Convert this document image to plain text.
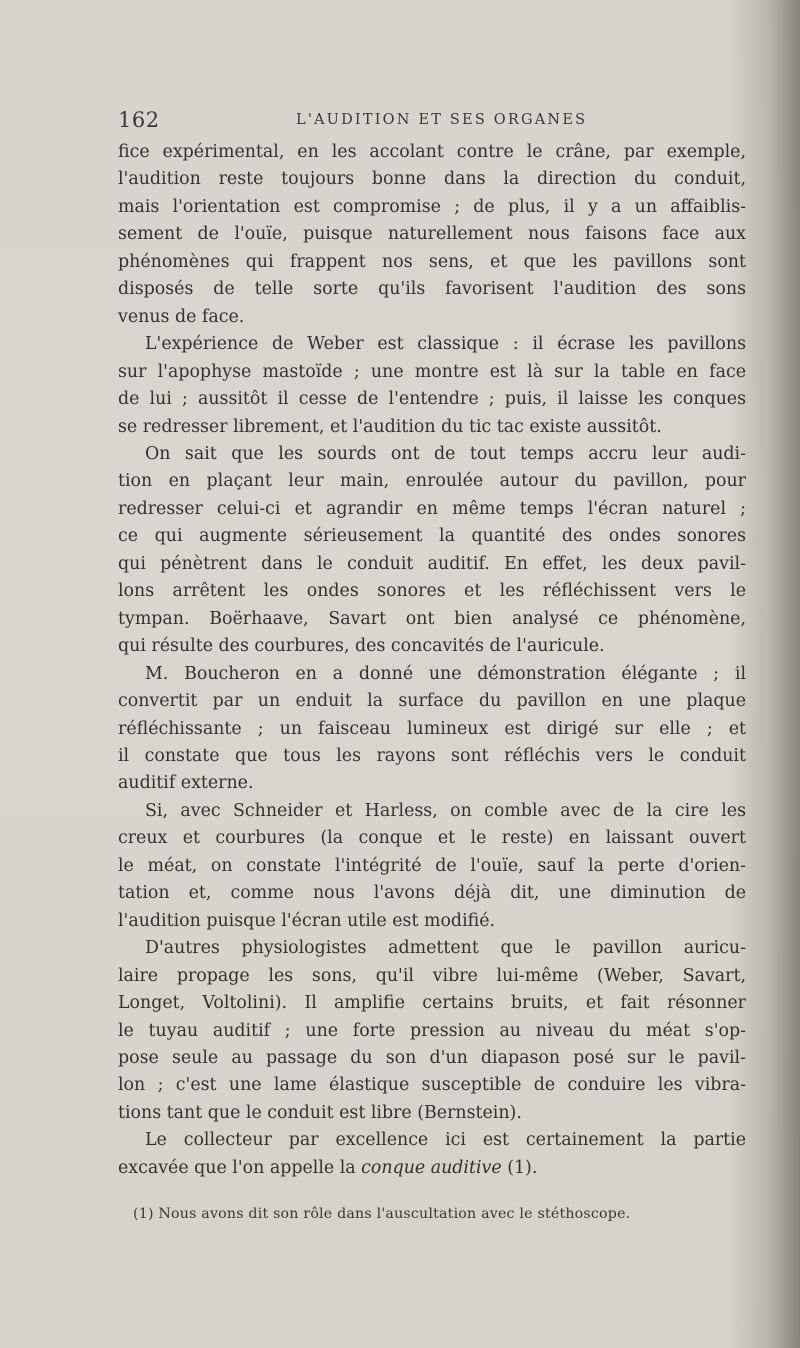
162	L'AUDITION ET SES ORGANES
fice expérimental, en les accolant contre le crâne, par exemple,
l'audition reste toujours bonne dans la direction du conduit,
mais l'orientation est compromise ; de plus, il y a un affaiblis-
sement de l'ouïe, puisque naturellement nous faisons face aux
phénomènes qui frappent nos sens, et que les pavillons sont
disposés de telle sorte qu'ils favorisent l'audition des sons
venus de face.
L'expérience de Weber est classique : il écrase les pavillons
sur l'apophyse mastoïde ; une montre est là sur la table en face
de lui ; aussitôt il cesse de l'entendre ; puis, il laisse les conques
se redresser librement, et l'audition du tic tac existe aussitôt.
On sait que les sourds ont de tout temps accru leur audi-
tion en plaçant leur main, enroulée autour du pavillon, pour
redresser celui-ci et agrandir en même temps l'écran naturel ;
ce qui augmente sérieusement la quantité des ondes sonores
qui pénètrent dans le conduit auditif. En effet, les deux pavil-
lons arrêtent les ondes sonores et les réfléchissent vers le
tympan. Boërhaave, Savart ont bien analysé ce phénomène,
qui résulte des courbures, des concavités de l'auricule.
M. Boucheron en a donné une démonstration élégante ; il
convertit par un enduit la surface du pavillon en une plaque
réfléchissante ; un faisceau lumineux est dirigé sur elle ; et
il constate que tous les rayons sont réfléchis vers le conduit
auditif externe.
Si, avec Schneider et Harless, on comble avec de la cire les
creux et courbures (la conque et le reste) en laissant ouvert
le méat, on constate l'intégrité de l'ouïe, sauf la perte d'orien-
tation et, comme nous l'avons déjà dit, une diminution de
l'audition puisque l'écran utile est modifié.
D'autres physiologistes admettent que le pavillon auricu-
laire propage les sons, qu'il vibre lui-même (Weber, Savart,
Longet, Voltolini). Il amplifie certains bruits, et fait résonner
le tuyau auditif ; une forte pression au niveau du méat s'op-
pose seule au passage du son d'un diapason posé sur le pavil-
lon ; c'est une lame élastique susceptible de conduire les vibra-
tions tant que le conduit est libre (Bernstein).
Le collecteur par excellence ici est certainement la partie
excavée que l'on appelle la conque auditive (1).
(1) Nous avons dit son rôle dans l'auscultation avec le stéthoscope.
